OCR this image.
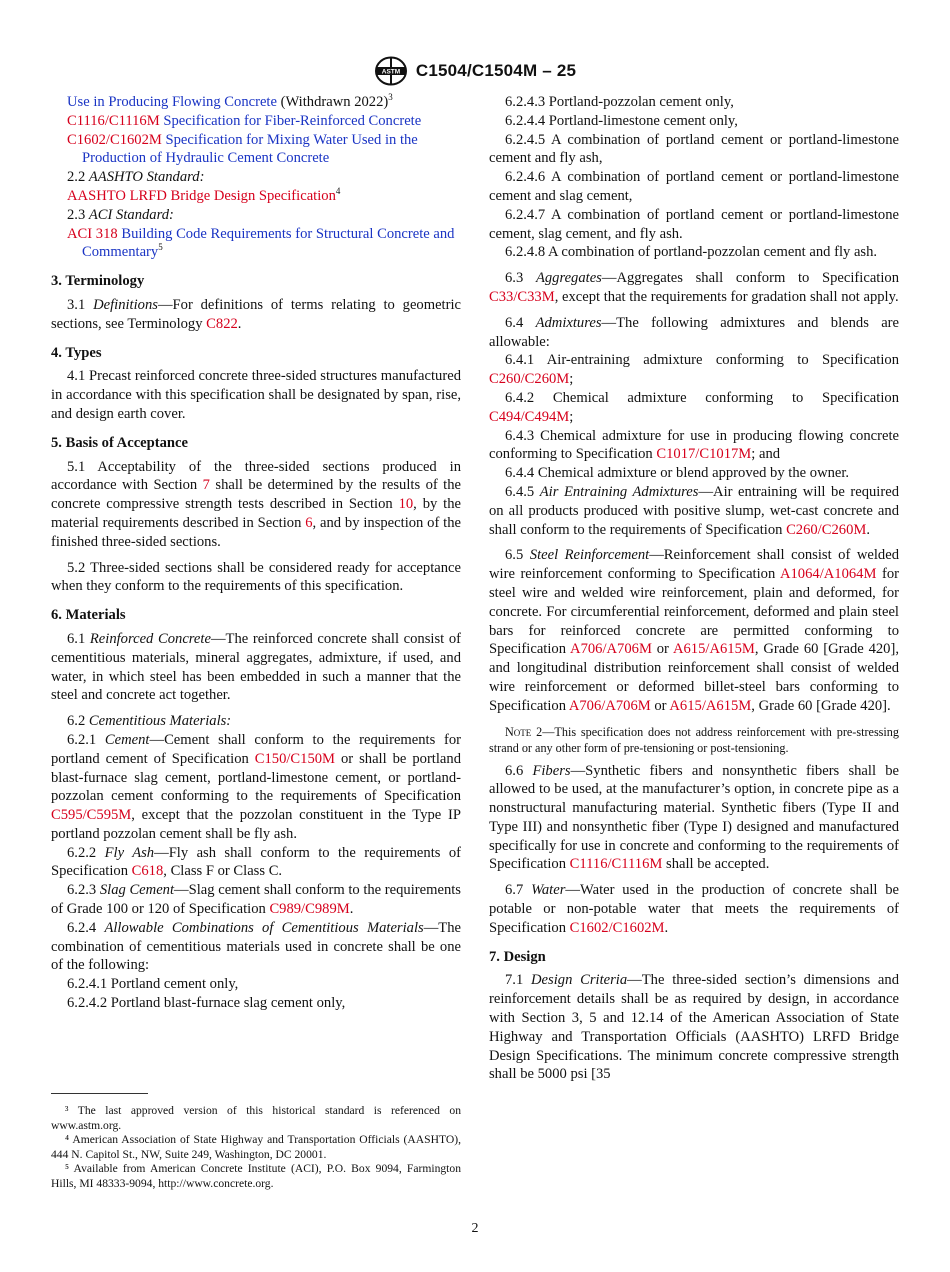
ASTM C1504/C1504M – 25

Use in Producing Flowing Concrete (Withdrawn 2022)$^3$

C1116/C1116M Specification for Fiber-Reinforced Concrete

C1602/C1602M Specification for Mixing Water Used in the Production of Hydraulic Cement Concrete

2.2 AASHTO Standard:

AASHTO LRFD Bridge Design Specification$^4$

2.3 ACI Standard:

ACI 318 Building Code Requirements for Structural Concrete and Commentary$^5$

3. Terminology

3.1 Definitions—For definitions of terms relating to geometric sections, see Terminology C822.

4. Types

4.1 Precast reinforced concrete three-sided structures manufactured in accordance with this specification shall be designated by span, rise, and design earth cover.

5. Basis of Acceptance

5.1 Acceptability of the three-sided sections produced in accordance with Section 7 shall be determined by the results of the concrete compressive strength tests described in Section 10, by the material requirements described in Section 6, and by inspection of the finished three-sided sections.

5.2 Three-sided sections shall be considered ready for acceptance when they conform to the requirements of this specification.

6. Materials

6.1 Reinforced Concrete—The reinforced concrete shall consist of cementitious materials, mineral aggregates, admixture, if used, and water, in which steel has been embedded in such a manner that the steel and concrete act together.

6.2 Cementitious Materials:

6.2.1 Cement—Cement shall conform to the requirements for portland cement of Specification C150/C150M or shall be portland blast-furnace slag cement, portland-limestone cement, or portland-pozzolan cement conforming to the requirements of Specification C595/C595M, except that the pozzolan constituent in the Type IP portland pozzolan cement shall be fly ash.

6.2.2 Fly Ash—Fly ash shall conform to the requirements of Specification C618, Class F or Class C.

6.2.3 Slag Cement—Slag cement shall conform to the requirements of Grade 100 or 120 of Specification C989/C989M.

6.2.4 Allowable Combinations of Cementitious Materials—The combination of cementitious materials used in concrete shall be one of the following:

6.2.4.1 Portland cement only,

6.2.4.2 Portland blast-furnace slag cement only,

6.2.4.3 Portland-pozzolan cement only,

6.2.4.4 Portland-limestone cement only,

6.2.4.5 A combination of portland cement or portland-limestone cement and fly ash,

6.2.4.6 A combination of portland cement or portland-limestone cement and slag cement,

6.2.4.7 A combination of portland cement or portland-limestone cement, slag cement, and fly ash.

6.2.4.8 A combination of portland-pozzolan cement and fly ash.

6.3 Aggregates—Aggregates shall conform to Specification C33/C33M, except that the requirements for gradation shall not apply.

6.4 Admixtures—The following admixtures and blends are allowable:

6.4.1 Air-entraining admixture conforming to Specification C260/C260M;

6.4.2 Chemical admixture conforming to Specification C494/C494M;

6.4.3 Chemical admixture for use in producing flowing concrete conforming to Specification C1017/C1017M; and

6.4.4 Chemical admixture or blend approved by the owner.

6.4.5 Air Entraining Admixtures—Air entraining will be required on all products produced with positive slump, wet-cast concrete and shall conform to the requirements of Specification C260/C260M.

6.5 Steel Reinforcement—Reinforcement shall consist of welded wire reinforcement conforming to Specification A1064/A1064M for steel wire and welded wire reinforcement, plain and deformed, for concrete. For circumferential reinforcement, deformed and plain steel bars for reinforced concrete are permitted conforming to Specification A706/A706M or A615/A615M, Grade 60 [Grade 420], and longitudinal distribution reinforcement shall consist of welded wire reinforcement or deformed billet-steel bars conforming to Specification A706/A706M or A615/A615M, Grade 60 [Grade 420].

Note 2—This specification does not address reinforcement with pre-stressing strand or any other form of pre-tensioning or post-tensioning.

6.6 Fibers—Synthetic fibers and nonsynthetic fibers shall be allowed to be used, at the manufacturer’s option, in concrete pipe as a nonstructural manufacturing material. Synthetic fibers (Type II and Type III) and nonsynthetic fiber (Type I) designed and manufactured specifically for use in concrete and conforming to the requirements of Specification C1116/C1116M shall be accepted.

6.7 Water—Water used in the production of concrete shall be potable or non-potable water that meets the requirements of Specification C1602/C1602M.

7. Design

7.1 Design Criteria—The three-sided section’s dimensions and reinforcement details shall be as required by design, in accordance with Section 3, 5 and 12.14 of the American Association of State Highway and Transportation Officials (AASHTO) LRFD Bridge Design Specifications. The minimum concrete compressive strength shall be 5000 psi [35

³ The last approved version of this historical standard is referenced on www.astm.org.

⁴ American Association of State Highway and Transportation Officials (AASHTO), 444 N. Capitol St., NW, Suite 249, Washington, DC 20001.

⁵ Available from American Concrete Institute (ACI), P.O. Box 9094, Farmington Hills, MI 48333-9094, http://www.concrete.org.

2
